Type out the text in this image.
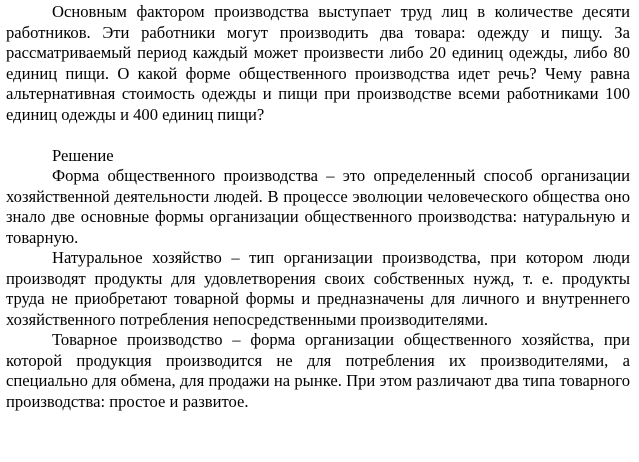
Основным фактором производства выступает труд лиц в количестве десяти работников. Эти работники могут производить два товара: одежду и пищу. За рассматриваемый период каждый может произвести либо 20 единиц одежды, либо 80 единиц пищи. О какой форме общественного производства идет речь? Чему равна альтернативная стоимость одежды и пищи при производстве всеми работниками 100 единиц одежды и 400 единиц пищи?

Решение

Форма общественного производства – это определенный способ организации хозяйственной деятельности людей. В процессе эволюции человеческого общества оно знало две основные формы организации общественного производства: натуральную и товарную.

Натуральное хозяйство – тип организации производства, при котором люди производят продукты для удовлетворения своих собственных нужд, т. е. продукты труда не приобретают товарной формы и предназначены для личного и внутреннего хозяйственного потребления непосредственными производителями.

Товарное производство – форма организации общественного хозяйства, при которой продукция производится не для потребления их производителями, а специально для обмена, для продажи на рынке. При этом различают два типа товарного производства: простое и развитое.
